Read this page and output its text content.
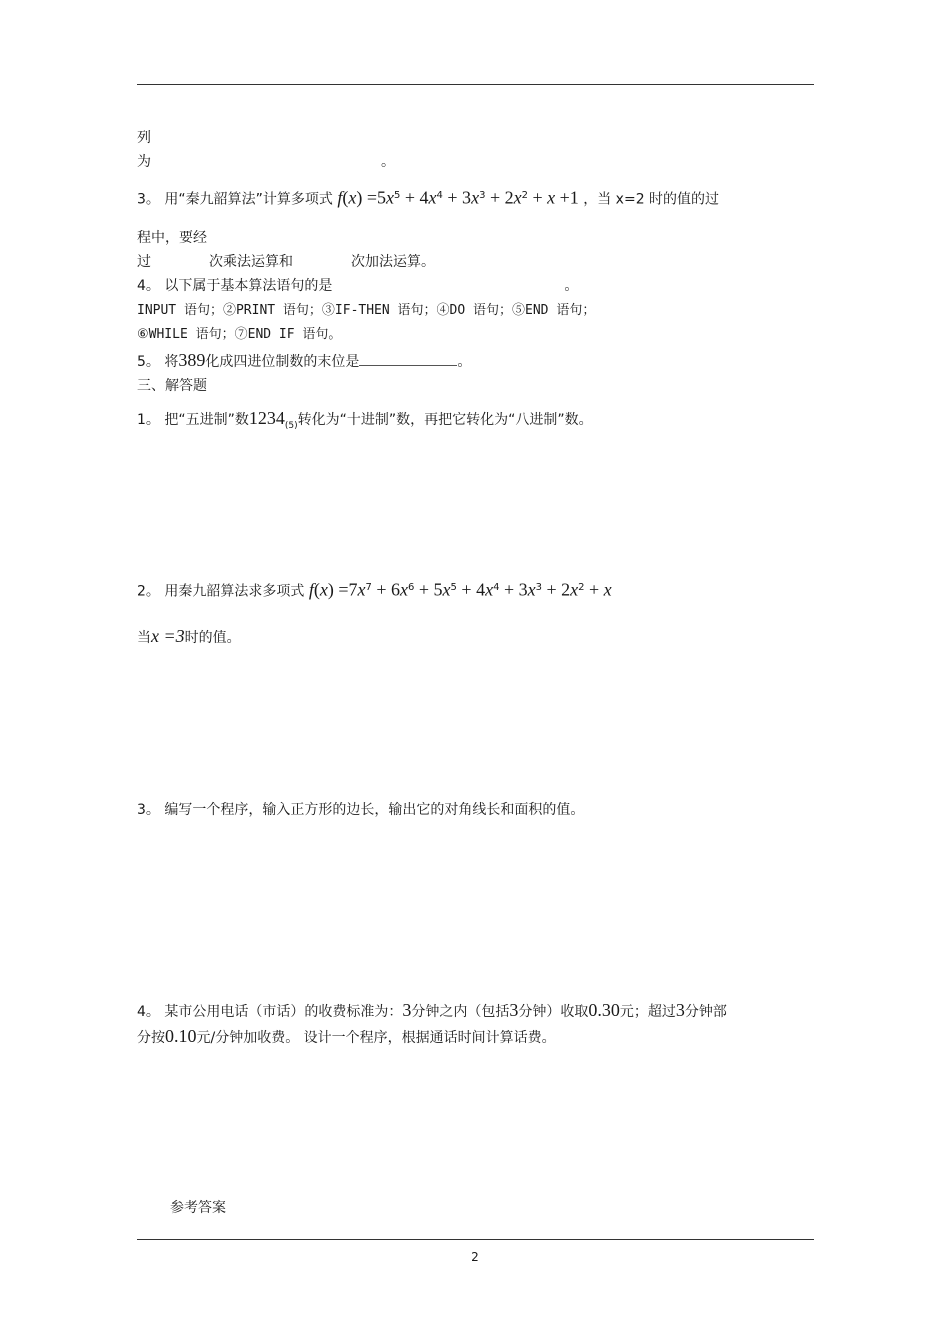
列
为	。
3。 用“秦九韶算法”计算多项式 $f(x) =5x^5 + 4x^4 + 3x^3 + 2x^2 + x +1$ ，当 x=2 时的值的过
程中，要经
过	次乘法运算和	次加法运算。
4。 以下属于基本算法语句的是	。
INPUT 语句；②PRINT 语句；③IF-THEN 语句；④DO 语句；⑤END 语句；
⑥WHILE 语句；⑦END IF 语句。
5。 将389化成四进位制数的末位是	。
三、解答题
1。 把“五进制”数$1234_{(5)}$转化为“十进制”数，再把它转化为“八进制”数。
2。 用秦九韶算法求多项式 $f(x) =7x^7 + 6x^6 + 5x^5 + 4x^4 + 3x^3 + 2x^2 + x$
当x =3时的值。
3。 编写一个程序，输入正方形的边长，输出它的对角线长和面积的值。
4。 某市公用电话（市话）的收费标准为：3分钟之内（包括3分钟）收取0.30元；超过3分钟部
分按0.10元/分钟加收费。 设计一个程序，根据通话时间计算话费。
参考答案
2
